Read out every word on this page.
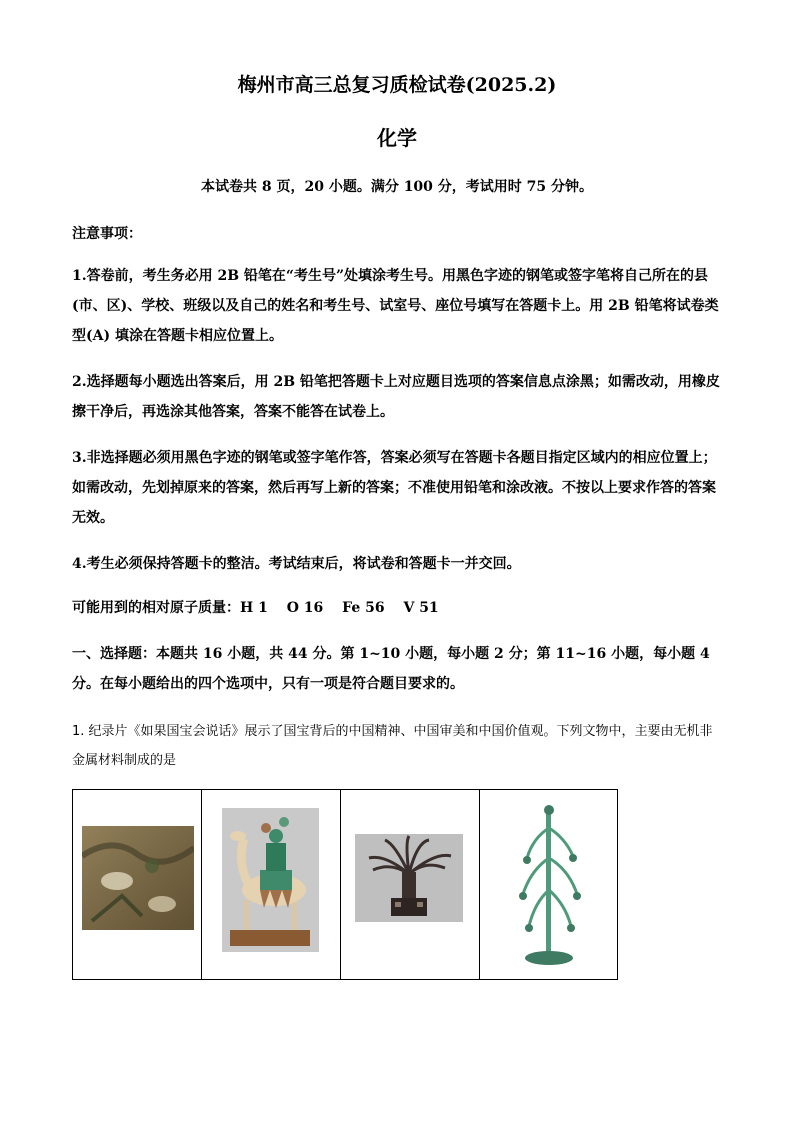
梅州市高三总复习质检试卷(2025.2)
化学
本试卷共 8 页，20 小题。满分 100 分，考试用时 75 分钟。
注意事项：
1.答卷前，考生务必用 2B 铅笔在“考生号”处填涂考生号。用黑色字迹的钢笔或签字笔将自己所在的县(市、区)、学校、班级以及自己的姓名和考生号、试室号、座位号填写在答题卡上。用 2B 铅笔将试卷类型(A) 填涂在答题卡相应位置上。
2.选择题每小题选出答案后，用 2B 铅笔把答题卡上对应题目选项的答案信息点涂黑；如需改动，用橡皮擦干净后，再选涂其他答案，答案不能答在试卷上。
3.非选择题必须用黑色字迹的钢笔或签字笔作答，答案必须写在答题卡各题目指定区域内的相应位置上；如需改动，先划掉原来的答案，然后再写上新的答案；不准使用铅笔和涂改液。不按以上要求作答的答案无效。
4.考生必须保持答题卡的整洁。考试结束后，将试卷和答题卡一并交回。
可能用到的相对原子质量：H 1　 O 16　 Fe 56　 V 51
一、选择题：本题共 16 小题，共 44 分。第 1~10 小题，每小题 2 分；第 11~16 小题，每小题 4 分。在每小题给出的四个选项中，只有一项是符合题目要求的。
1. 纪录片《如果国宝会说话》展示了国宝背后的中国精神、中国审美和中国价值观。下列文物中，主要由无机非金属材料制成的是
